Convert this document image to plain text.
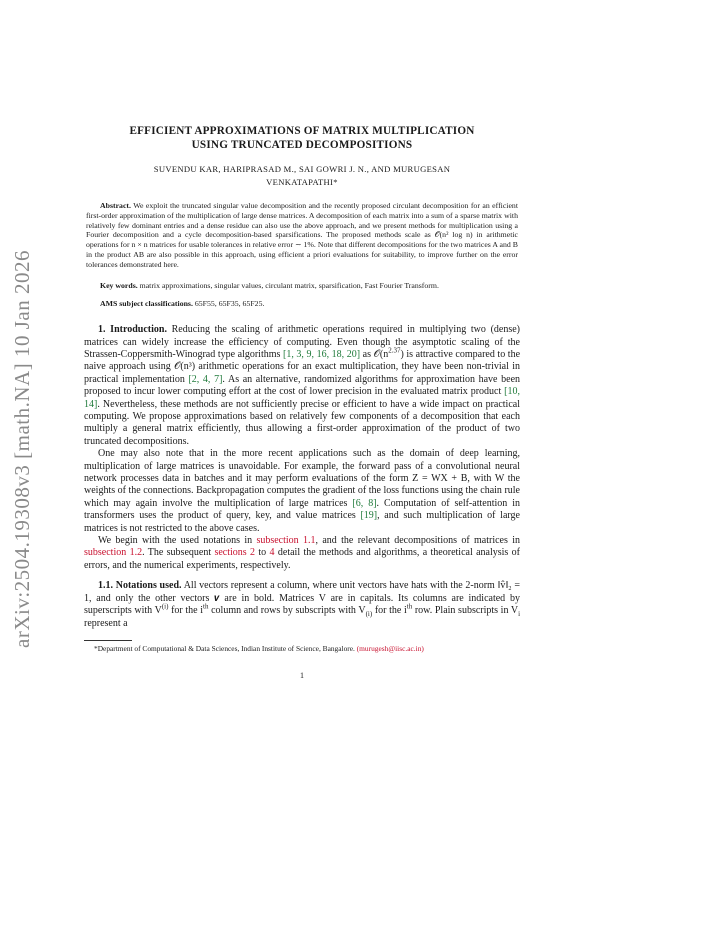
arXiv:2504.19308v3 [math.NA] 10 Jan 2026
EFFICIENT APPROXIMATIONS OF MATRIX MULTIPLICATION
USING TRUNCATED DECOMPOSITIONS

SUVENDU KAR, HARIPRASAD M., SAI GOWRI J. N., AND MURUGESAN
VENKATAPATHI*

Abstract. We exploit the truncated singular value decomposition and the recently proposed circulant decomposition for an efficient first-order approximation of the multiplication of large dense matrices. A decomposition of each matrix into a sum of a sparse matrix with relatively few dominant entries and a dense residue can also use the above approach, and we present methods for multiplication using a Fourier decomposition and a cycle decomposition-based sparsifications. The proposed methods scale as 𝒪(n² log n) in arithmetic operations for n × n matrices for usable tolerances in relative error ∼ 1%. Note that different decompositions for the two matrices A and B in the product AB are also possible in this approach, using efficient a priori evaluations for suitability, to improve further on the error tolerances demonstrated here.

Key words. matrix approximations, singular values, circulant matrix, sparsification, Fast Fourier Transform.

AMS subject classifications. 65F55, 65F35, 65F25.

1. Introduction. Reducing the scaling of arithmetic operations required in multiplying two (dense) matrices can widely increase the efficiency of computing. Even though the asymptotic scaling of the Strassen-Coppersmith-Winograd type algorithms [1, 3, 9, 16, 18, 20] as $𝒪(n^{2.37})$ is attractive compared to the naive approach using 𝒪(n³) arithmetic operations for an exact multiplication, they have been non-trivial in practical implementation [2, 4, 7]. As an alternative, randomized algorithms for approximation have been proposed to incur lower computing effort at the cost of lower precision in the evaluated matrix product [10, 14]. Nevertheless, these methods are not sufficiently precise or efficient to have a wide impact on practical computing. We propose approximations based on relatively few components of a decomposition that each multiply a general matrix efficiently, thus allowing a first-order approximation of the product of two truncated decompositions.

One may also note that in the more recent applications such as the domain of deep learning, multiplication of large matrices is unavoidable. For example, the forward pass of a convolutional neural network processes data in batches and it may perform evaluations of the form Z = WX + B, with W the weights of the connections. Backpropagation computes the gradient of the loss functions using the chain rule which may again involve the multiplication of large matrices [6, 8]. Computation of self-attention in transformers uses the product of query, key, and value matrices [19], and such multiplication of large matrices is not restricted to the above cases.

We begin with the used notations in subsection 1.1, and the relevant decompositions of matrices in subsection 1.2. The subsequent sections 2 to 4 detail the methods and algorithms, a theoretical analysis of errors, and the numerical experiments, respectively.

1.1. Notations used. All vectors represent a column, where unit vectors have hats with the 2-norm ‖v̂‖₂ = 1, and only the other vectors 𝒗 are in bold. Matrices V are in capitals. Its columns are indicated by superscripts with $V^{(i)}$ for the $i^{th}$ column and rows by subscripts with $V_{(i)}$ for the $i^{th}$ row. Plain subscripts in $V_i$ represent a

*Department of Computational & Data Sciences, Indian Institute of Science, Bangalore. (murugesh@iisc.ac.in)

1
